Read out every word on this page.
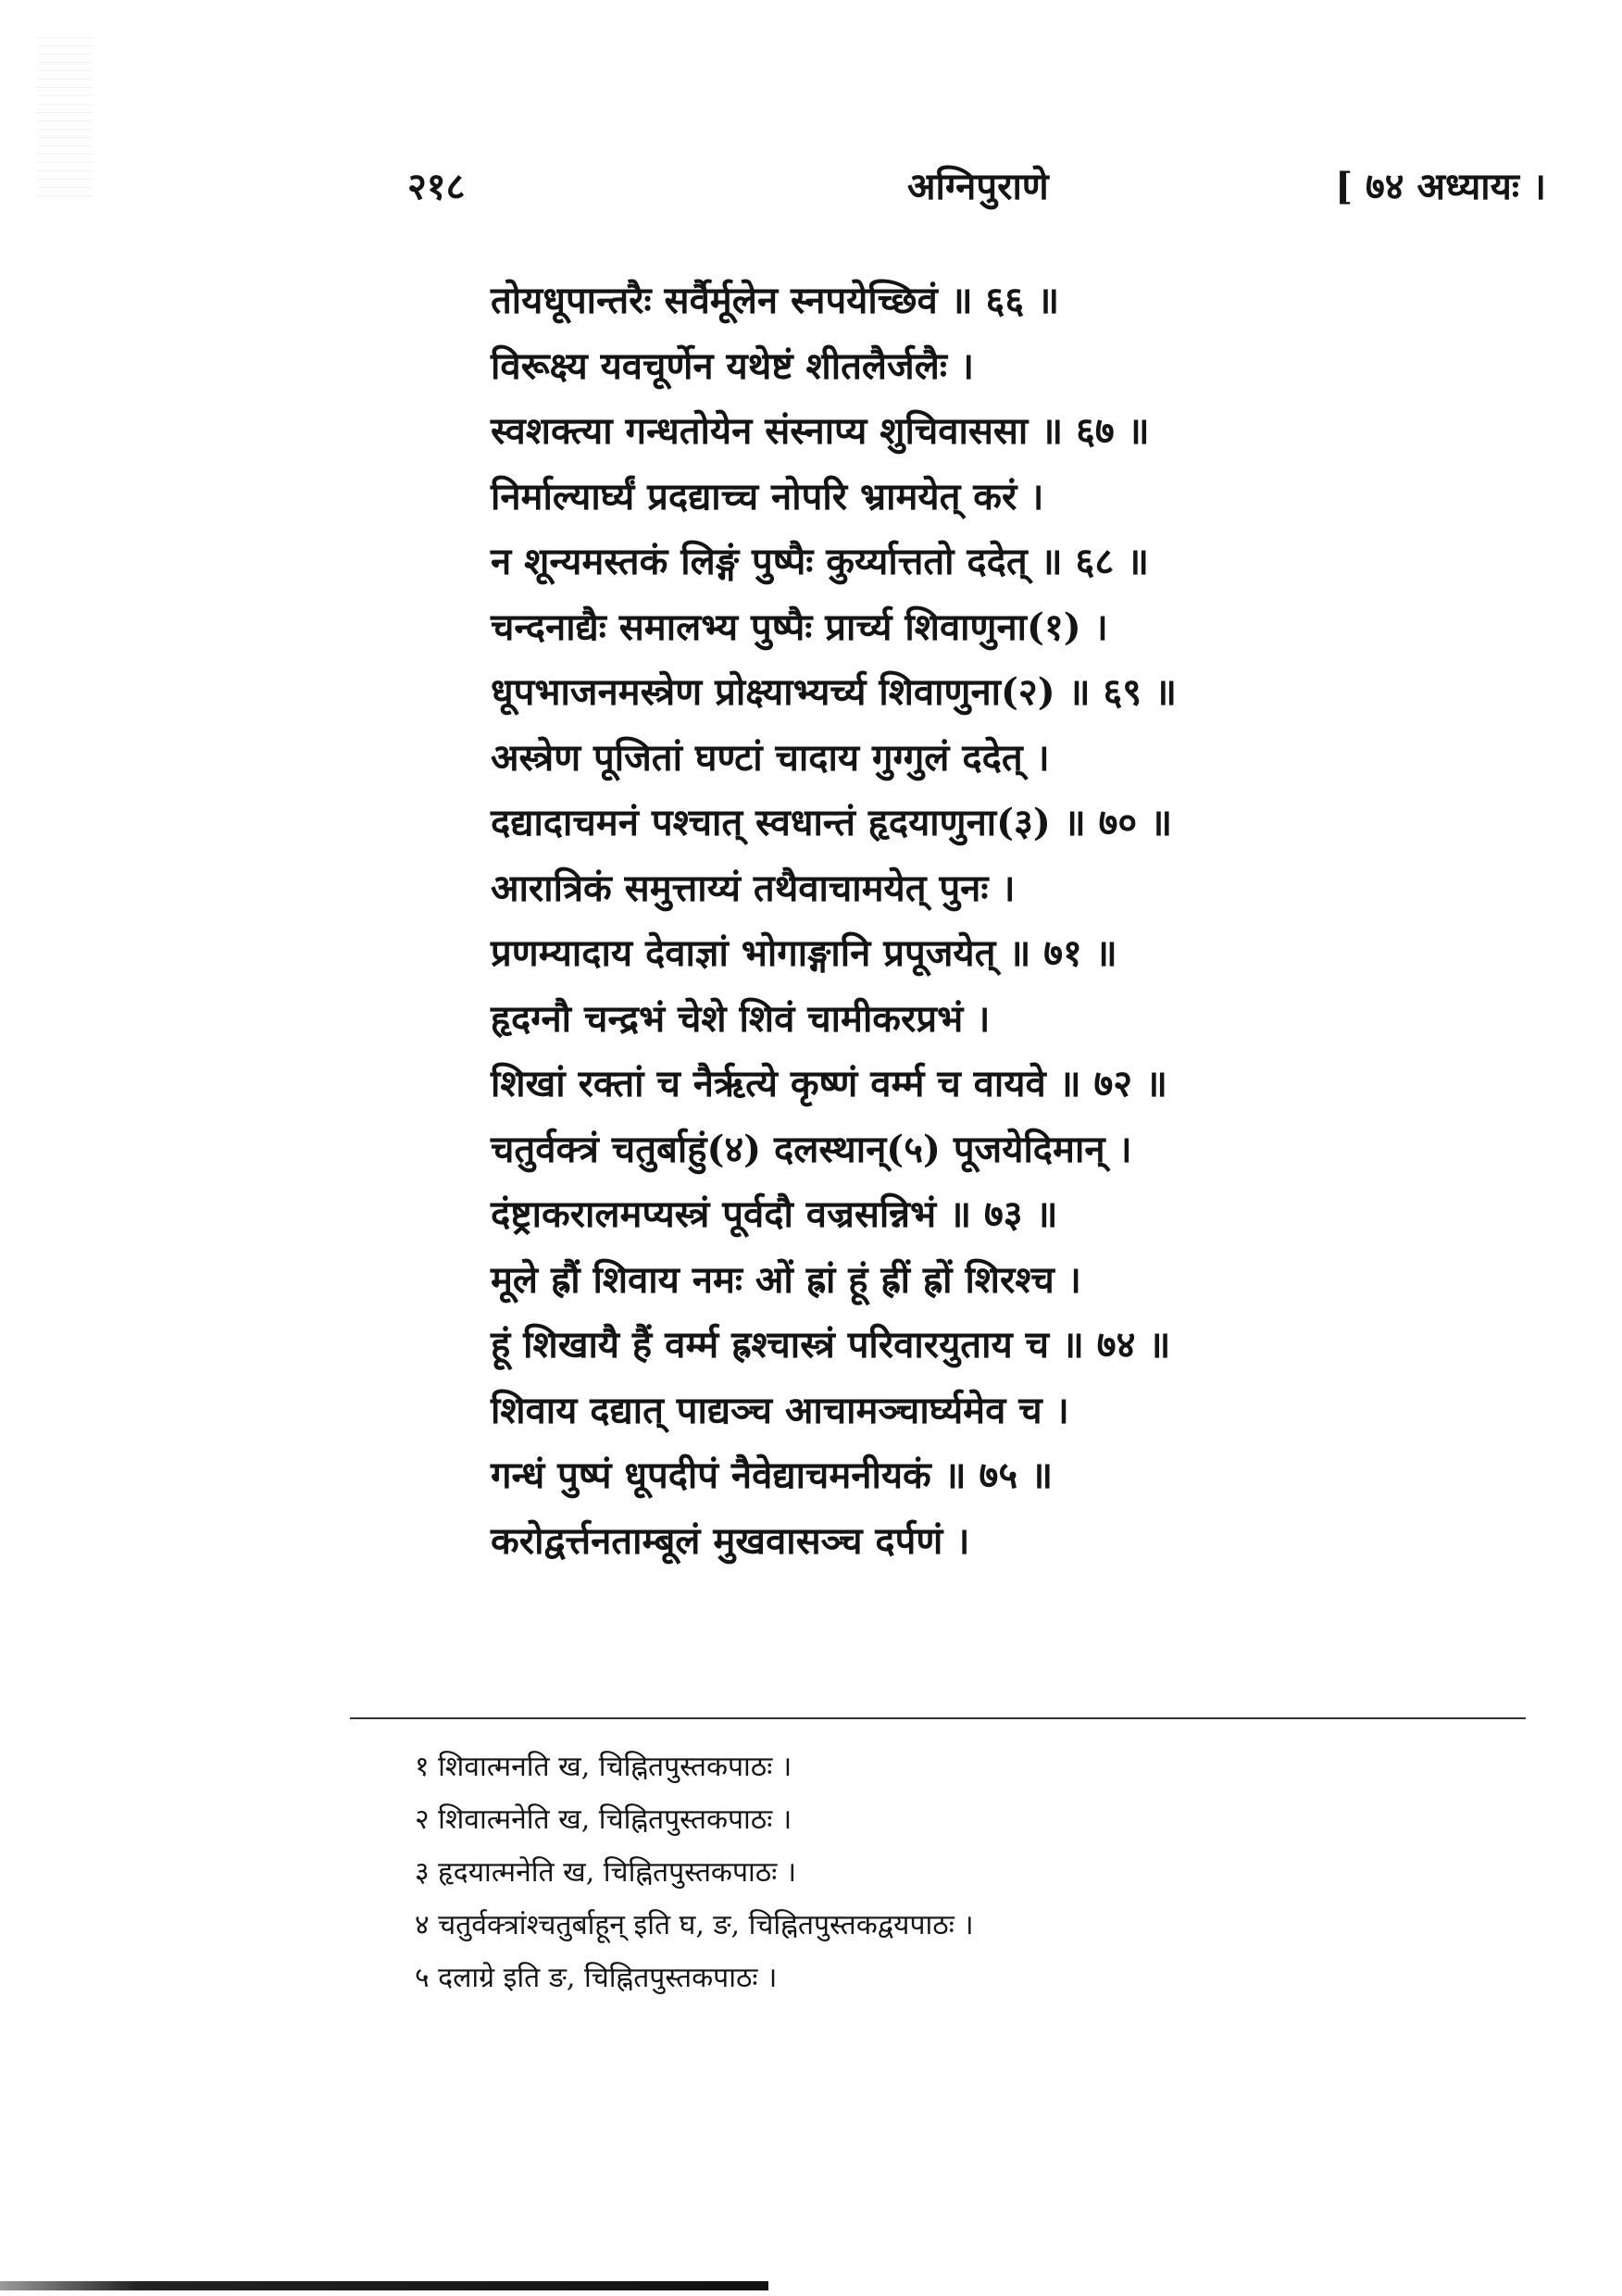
२१८	अग्निपुराणे	[ ७४ अध्यायः ।
तोयधूपान्तरैः सर्वैर्मूलेन स्नपयेच्छिवं ॥ ६६ ॥
विरूक्ष्य यवचूर्णेन यथेष्टं शीतलैर्जलैः ।
स्वशक्त्या गन्धतोयेन संस्नाप्य शुचिवाससा ॥ ६७ ॥
निर्माल्यार्घ्यं प्रदद्याच्च नोपरि भ्रामयेत् करं ।
न शून्यमस्तकं लिङ्गं पुष्पैः कुर्य्यात्ततो ददेत् ॥ ६८ ॥
चन्दनाद्यैः समालभ्य पुष्पैः प्रार्च्य शिवाणुना(१) ।
धूपभाजनमस्त्रेण प्रोक्ष्याभ्यर्च्य शिवाणुना(२) ॥ ६९ ॥
अस्त्रेण पूजितां घण्टां चादाय गुग्गुलं ददेत् ।
दद्यादाचमनं पश्चात् स्वधान्तं हृदयाणुना(३) ॥ ७० ॥
आरात्रिकं समुत्ताय्यं तथैवाचामयेत् पुनः ।
प्रणम्यादाय देवाज्ञां भोगाङ्गानि प्रपूजयेत् ॥ ७१ ॥
हृदग्नौ चन्द्रभं चेशे शिवं चामीकरप्रभं ।
शिखां रक्तां च नैर्ऋत्ये कृष्णं वर्म्म च वायवे ॥ ७२ ॥
चतुर्वक्त्रं चतुर्बाहुं(४) दलस्थान्(५) पूजयेदिमान् ।
दंष्ट्राकरालमप्यस्त्रं पूर्वदौ वज्रसन्निभं ॥ ७३ ॥
मूले ह्रौं शिवाय नमः ओं ह्रां हूं ह्रीं ह्रों शिरश्च ।
हूं शिखायै हैं वर्म्म ह्रश्चास्त्रं परिवारयुताय च ॥ ७४ ॥
शिवाय दद्यात् पाद्यञ्च आचामञ्चार्घ्यमेव च ।
गन्धं पुष्पं धूपदीपं नैवेद्याचमनीयकं ॥ ७५ ॥
करोद्वर्त्तनताम्बूलं मुखवासञ्च दर्पणं ।
१ शिवात्मनति ख, चिह्नितपुस्तकपाठः ।
२ शिवात्मनेति ख, चिह्नितपुस्तकपाठः ।
३ हृदयात्मनेति ख, चिह्नितपुस्तकपाठः ।
४ चतुर्वक्त्रांश्चतुर्बाहून् इति घ, ङ, चिह्नितपुस्तकद्वयपाठः ।
५ दलाग्रे इति ङ, चिह्नितपुस्तकपाठः ।
